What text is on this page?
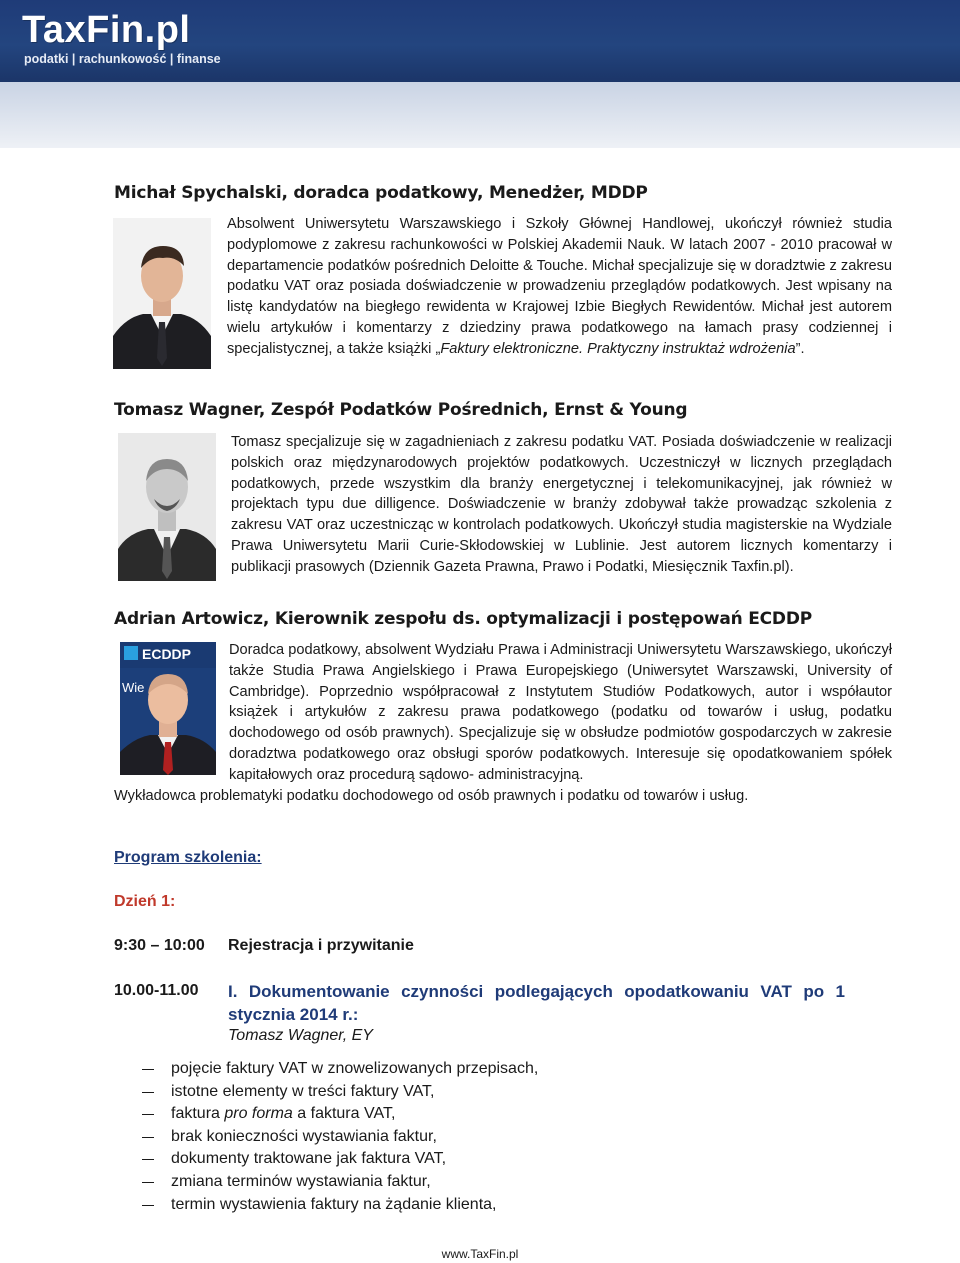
TaxFin.pl
podatki | rachunkowość | finanse
Michał Spychalski, doradca podatkowy, Menedżer, MDDP
Absolwent Uniwersytetu Warszawskiego i Szkoły Głównej Handlowej, ukończył również studia podyplomowe z zakresu rachunkowości w Polskiej Akademii Nauk. W latach 2007 - 2010 pracował w departamencie podatków pośrednich Deloitte & Touche. Michał specjalizuje się w doradztwie z zakresu podatku VAT oraz posiada doświadczenie w prowadzeniu przeglądów podatkowych. Jest wpisany na listę kandydatów na biegłego rewidenta w Krajowej Izbie Biegłych Rewidentów. Michał jest autorem wielu artykułów i komentarzy z dziedziny prawa podatkowego na łamach prasy codziennej i specjalistycznej, a także książki „Faktury elektroniczne. Praktyczny instruktaż wdrożenia”.
Tomasz Wagner, Zespół Podatków Pośrednich, Ernst & Young
Tomasz specjalizuje się w zagadnieniach z zakresu podatku VAT. Posiada doświadczenie w realizacji polskich oraz międzynarodowych projektów podatkowych. Uczestniczył w licznych przeglądach podatkowych, przede wszystkim dla branży energetycznej i telekomunikacyjnej, jak również w projektach typu due dilligence. Doświadczenie w branży zdobywał także prowadząc szkolenia z zakresu VAT oraz uczestnicząc w kontrolach podatkowych. Ukończył studia magisterskie na Wydziale Prawa Uniwersytetu Marii Curie-Skłodowskiej w Lublinie. Jest autorem licznych komentarzy i publikacji prasowych (Dziennik Gazeta Prawna, Prawo i Podatki, Miesięcznik Taxfin.pl).
Adrian Artowicz, Kierownik zespołu ds. optymalizacji i postępowań ECDDP
ECDDP
Wie
Doradca podatkowy, absolwent Wydziału Prawa i Administracji Uniwersytetu Warszawskiego, ukończył także Studia Prawa Angielskiego i Prawa Europejskiego (Uniwersytet Warszawski, University of Cambridge). Poprzednio współpracował z Instytutem Studiów Podatkowych, autor i współautor książek i artykułów z zakresu prawa podatkowego (podatku od towarów i usług, podatku dochodowego od osób prawnych). Specjalizuje się w obsłudze podmiotów gospodarczych w zakresie doradztwa podatkowego oraz obsługi sporów podatkowych. Interesuje się opodatkowaniem spółek kapitałowych oraz procedurą sądowo- administracyjną.
Wykładowca problematyki podatku dochodowego od osób prawnych i podatku od towarów i usług.
Program szkolenia:
Dzień 1:
9:30 – 10:00 Rejestracja i przywitanie
10.00-11.00 I. Dokumentowanie czynności podlegających opodatkowaniu VAT po 1 stycznia 2014 r.:
Tomasz Wagner, EY
pojęcie faktury VAT w znowelizowanych przepisach,
istotne elementy w treści faktury VAT,
faktura pro forma a faktura VAT,
brak konieczności wystawiania faktur,
dokumenty traktowane jak faktura VAT,
zmiana terminów wystawiania faktur,
termin wystawienia faktury na żądanie klienta,
www.TaxFin.pl
